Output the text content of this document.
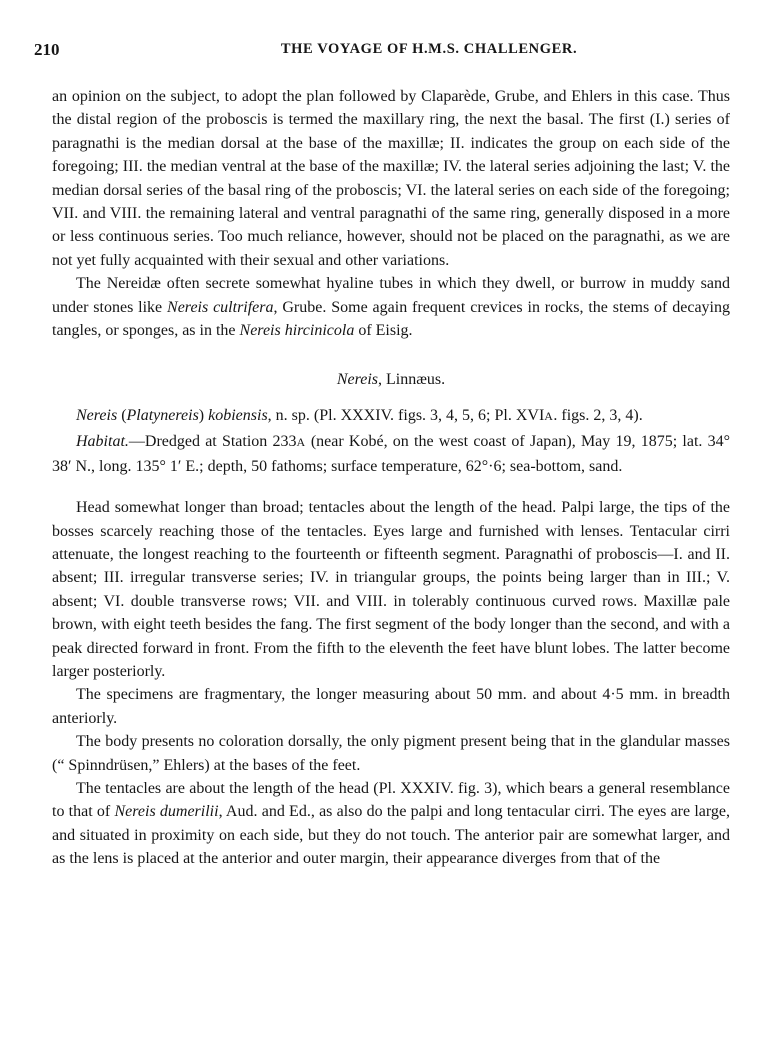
210	THE VOYAGE OF H.M.S. CHALLENGER.

an opinion on the subject, to adopt the plan followed by Claparède, Grube, and Ehlers in this case. Thus the distal region of the proboscis is termed the maxillary ring, the next the basal. The first (I.) series of paragnathi is the median dorsal at the base of the maxillæ; II. indicates the group on each side of the foregoing; III. the median ventral at the base of the maxillæ; IV. the lateral series adjoining the last; V. the median dorsal series of the basal ring of the proboscis; VI. the lateral series on each side of the foregoing; VII. and VIII. the remaining lateral and ventral paragnathi of the same ring, generally disposed in a more or less continuous series. Too much reliance, however, should not be placed on the paragnathi, as we are not yet fully acquainted with their sexual and other variations.

The Nereidæ often secrete somewhat hyaline tubes in which they dwell, or burrow in muddy sand under stones like Nereis cultrifera, Grube. Some again frequent crevices in rocks, the stems of decaying tangles, or sponges, as in the Nereis hircinicola of Eisig.

Nereis, Linnæus.

Nereis (Platynereis) kobiensis, n. sp. (Pl. XXXIV. figs. 3, 4, 5, 6; Pl. XVIA. figs. 2, 3, 4).

Habitat.—Dredged at Station 233A (near Kobé, on the west coast of Japan), May 19, 1875; lat. 34° 38′ N., long. 135° 1′ E.; depth, 50 fathoms; surface temperature, 62°·6; sea-bottom, sand.

Head somewhat longer than broad; tentacles about the length of the head. Palpi large, the tips of the bosses scarcely reaching those of the tentacles. Eyes large and furnished with lenses. Tentacular cirri attenuate, the longest reaching to the fourteenth or fifteenth segment. Paragnathi of proboscis—I. and II. absent; III. irregular transverse series; IV. in triangular groups, the points being larger than in III.; V. absent; VI. double transverse rows; VII. and VIII. in tolerably continuous curved rows. Maxillæ pale brown, with eight teeth besides the fang. The first segment of the body longer than the second, and with a peak directed forward in front. From the fifth to the eleventh the feet have blunt lobes. The latter become larger posteriorly.

The specimens are fragmentary, the longer measuring about 50 mm. and about 4·5 mm. in breadth anteriorly.

The body presents no coloration dorsally, the only pigment present being that in the glandular masses (“ Spinndrüsen,” Ehlers) at the bases of the feet.

The tentacles are about the length of the head (Pl. XXXIV. fig. 3), which bears a general resemblance to that of Nereis dumerilii, Aud. and Ed., as also do the palpi and long tentacular cirri. The eyes are large, and situated in proximity on each side, but they do not touch. The anterior pair are somewhat larger, and as the lens is placed at the anterior and outer margin, their appearance diverges from that of the
